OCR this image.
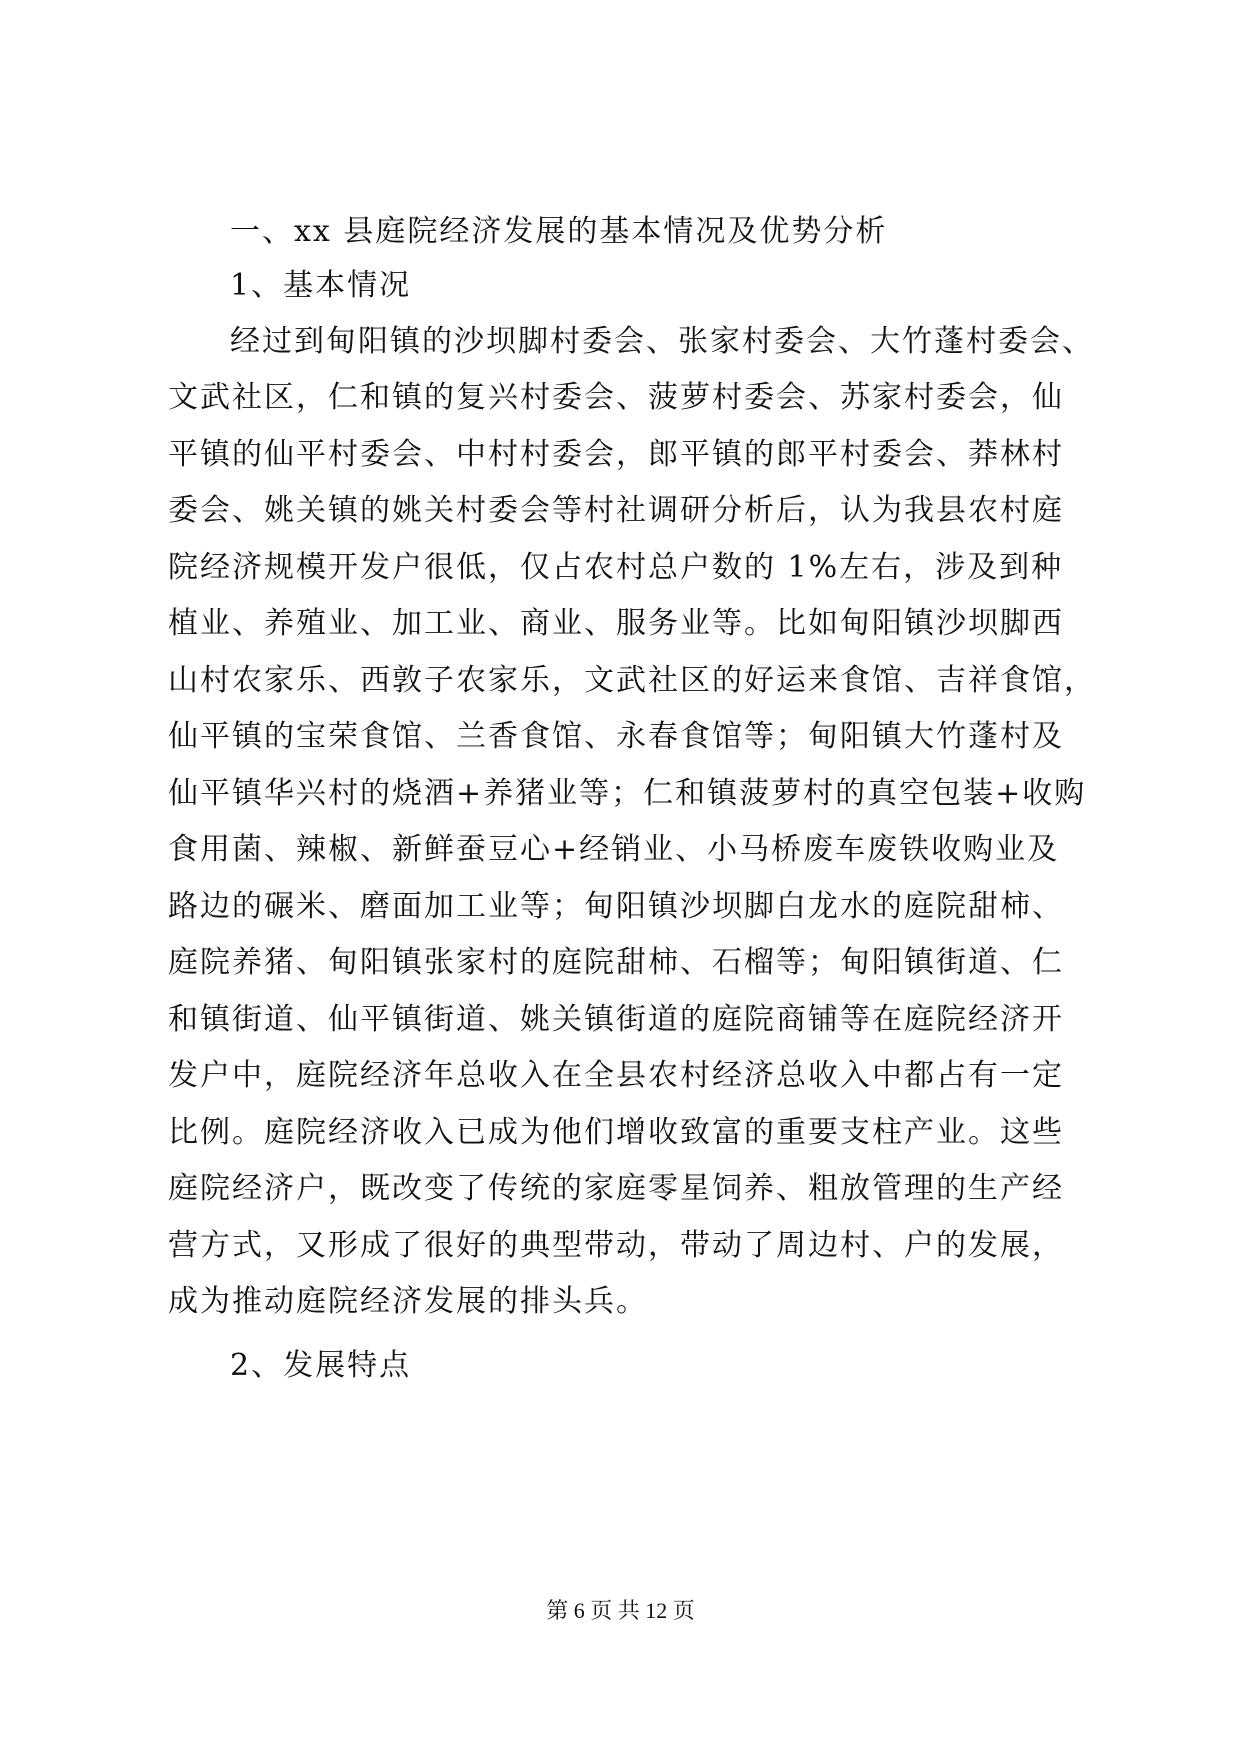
一、xx 县庭院经济发展的基本情况及优势分析
1、基本情况
经过到甸阳镇的沙坝脚村委会、张家村委会、大竹蓬村委会、
文武社区，仁和镇的复兴村委会、菠萝村委会、苏家村委会，仙
平镇的仙平村委会、中村村委会，郎平镇的郎平村委会、莽林村
委会、姚关镇的姚关村委会等村社调研分析后，认为我县农村庭
院经济规模开发户很低，仅占农村总户数的 1%左右，涉及到种
植业、养殖业、加工业、商业、服务业等。比如甸阳镇沙坝脚西
山村农家乐、西敦子农家乐，文武社区的好运来食馆、吉祥食馆，
仙平镇的宝荣食馆、兰香食馆、永春食馆等；甸阳镇大竹蓬村及
仙平镇华兴村的烧酒+养猪业等；仁和镇菠萝村的真空包装+收购
食用菌、辣椒、新鲜蚕豆心+经销业、小马桥废车废铁收购业及
路边的碾米、磨面加工业等；甸阳镇沙坝脚白龙水的庭院甜柿、
庭院养猪、甸阳镇张家村的庭院甜柿、石榴等；甸阳镇街道、仁
和镇街道、仙平镇街道、姚关镇街道的庭院商铺等在庭院经济开
发户中，庭院经济年总收入在全县农村经济总收入中都占有一定
比例。庭院经济收入已成为他们增收致富的重要支柱产业。这些
庭院经济户，既改变了传统的家庭零星饲养、粗放管理的生产经
营方式，又形成了很好的典型带动，带动了周边村、户的发展，
成为推动庭院经济发展的排头兵。
2、发展特点
第 6 页 共 12 页
